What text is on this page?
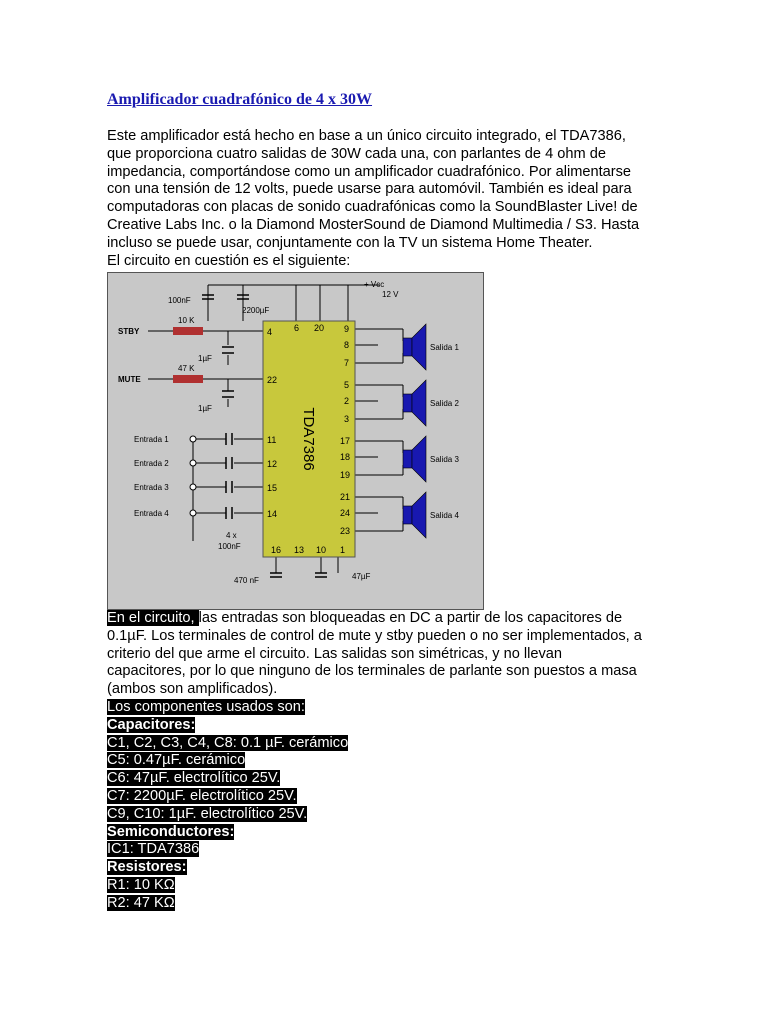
Amplificador cuadrafónico de 4 x 30W

Este amplificador está hecho en base a un único circuito integrado, el TDA7386,

que proporciona cuatro salidas de 30W cada una, con parlantes de 4 ohm de

impedancia, comportándose como un amplificador cuadrafónico. Por alimentarse

con una tensión de 12 volts, puede usarse para automóvil. También es ideal para

computadoras con placas de sonido cuadrafónicas como la SoundBlaster Live! de

Creative Labs Inc. o la Diamond MosterSound de Diamond Multimedia / S3. Hasta

incluso se puede usar, conjuntamente con la TV un sistema Home Theater.

El circuito en cuestión es el siguiente:

TDA7386
+ Vcc
12 V
100nF
2200µF
STBY
MUTE
10 K
47 K
1µF
1µF
Entrada 1
Entrada 2
Entrada 3
Entrada 4
4 x
100nF
Salida 1
Salida 2
Salida 3
Salida 4
470 nF	47µF
6 20
4
22
11
12
15
14
9
8
7
5
2
3
17
18
19
21
24
23
16 13 10 1

En el circuito, las entradas son bloqueadas en DC a partir de los capacitores de

0.1µF. Los terminales de control de mute y stby pueden o no ser implementados, a

criterio del que arme el circuito. Las salidas son simétricas, y no llevan

capacitores, por lo que ninguno de los terminales de parlante son puestos a masa

(ambos son amplificados).

Los componentes usados son:

Capacitores:

C1, C2, C3, C4, C8: 0.1 µF. cerámico

C5: 0.47µF. cerámico

C6: 47µF. electrolítico 25V.

C7: 2200µF. electrolítico 25V.

C9, C10: 1µF. electrolítico 25V.

Semiconductores:

IC1: TDA7386

Resistores:

R1: 10 KΩ

R2: 47 KΩ
